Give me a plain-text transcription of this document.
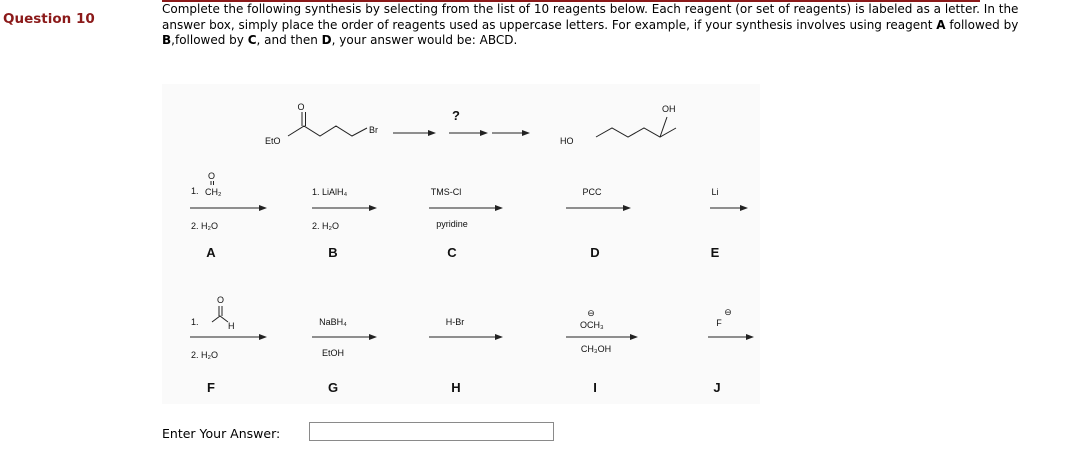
Question 10
Complete the following synthesis by selecting from the list of 10 reagents below. Each reagent (or set of reagents) is labeled as a letter. In the answer box, simply place the order of reagents used as uppercase letters. For example, if your synthesis involves using reagent A followed by B,followed by C, and then D, your answer would be: ABCD.
EtO
O
Br
?
HO
OH
1.
O
CH₂
2. H₂O
A
1. LiAlH₄
2. H₂O
B
TMS-Cl
pyridine
C
PCC
D
Li
E
1.
O
H
2. H₂O
F
NaBH₄
EtOH
G
H-Br
H
⊖
OCH₃
CH₃OH
I
⊖
F
J
Enter Your Answer:
